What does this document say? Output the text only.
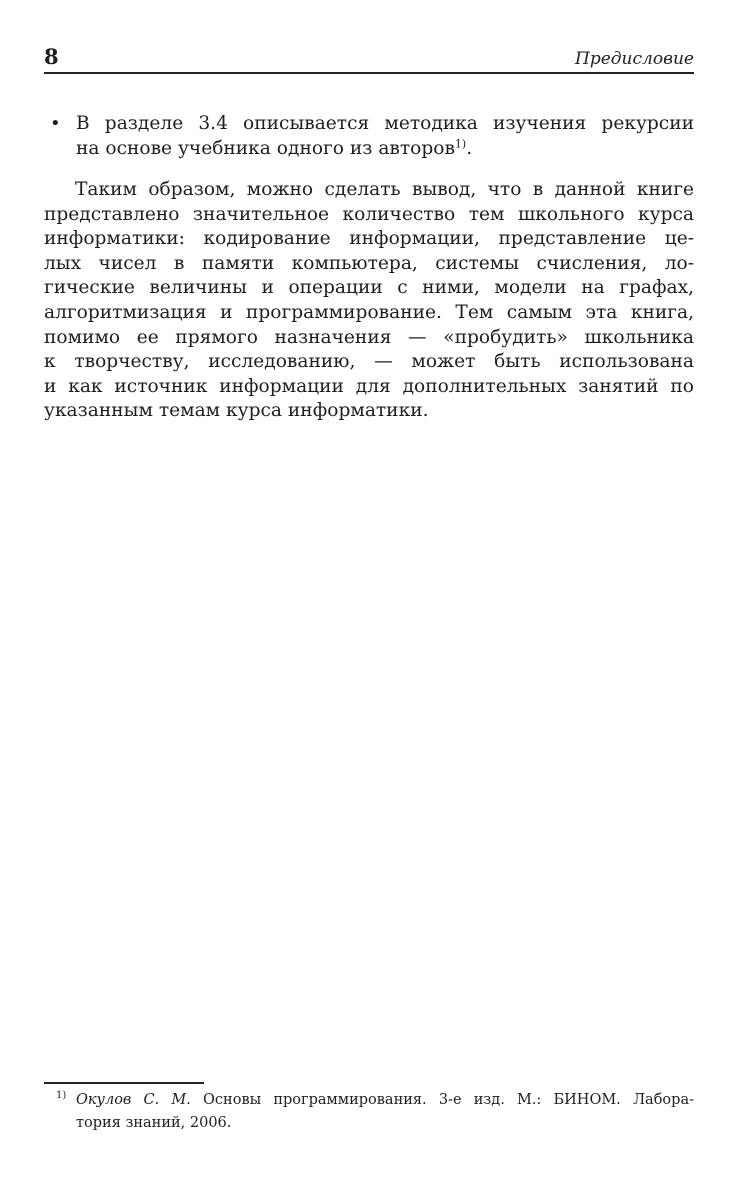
8	Предисловие
• В разделе 3.4 описывается методика изучения рекурсии
на основе учебника одного из авторов$^{1)}$.
Таким образом, можно сделать вывод, что в данной книге
представлено значительное количество тем школьного курса
информатики: кодирование информации, представление це-
лых чисел в памяти компьютера, системы счисления, ло-
гические величины и операции с ними, модели на графах,
алгоритмизация и программирование. Тем самым эта книга,
помимо ее прямого назначения — «пробудить» школьника
к творчеству, исследованию, — может быть использована
и как источник информации для дополнительных занятий по
указанным темам курса информатики.
1) Окулов С. М. Основы программирования. 3-е изд. М.: БИНОМ. Лабора-
тория знаний, 2006.
